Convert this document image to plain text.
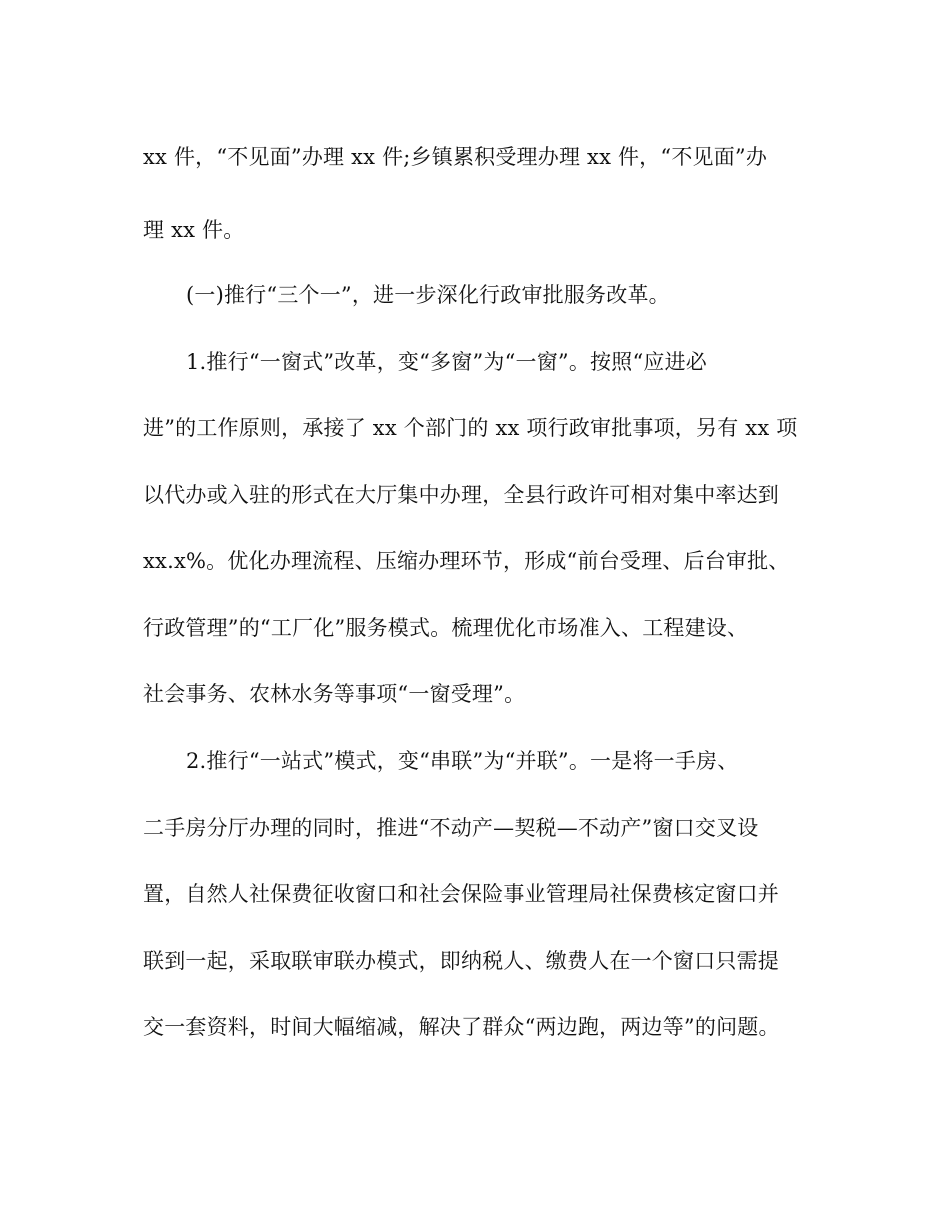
xx 件，“不见面”办理 xx 件;乡镇累积受理办理 xx 件，“不见面”办
理 xx 件。
(一)推行“三个一”，进一步深化行政审批服务改革。
1.推行“一窗式”改革，变“多窗”为“一窗”。按照“应进必
进”的工作原则，承接了 xx 个部门的 xx 项行政审批事项，另有 xx 项
以代办或入驻的形式在大厅集中办理，全县行政许可相对集中率达到
xx.x%。优化办理流程、压缩办理环节，形成“前台受理、后台审批、
行政管理”的“工厂化”服务模式。梳理优化市场准入、工程建设、
社会事务、农林水务等事项“一窗受理”。
2.推行“一站式”模式，变“串联”为“并联”。一是将一手房、
二手房分厅办理的同时，推进“不动产—契税—不动产”窗口交叉设
置，自然人社保费征收窗口和社会保险事业管理局社保费核定窗口并
联到一起，采取联审联办模式，即纳税人、缴费人在一个窗口只需提
交一套资料，时间大幅缩减，解决了群众“两边跑，两边等”的问题。
